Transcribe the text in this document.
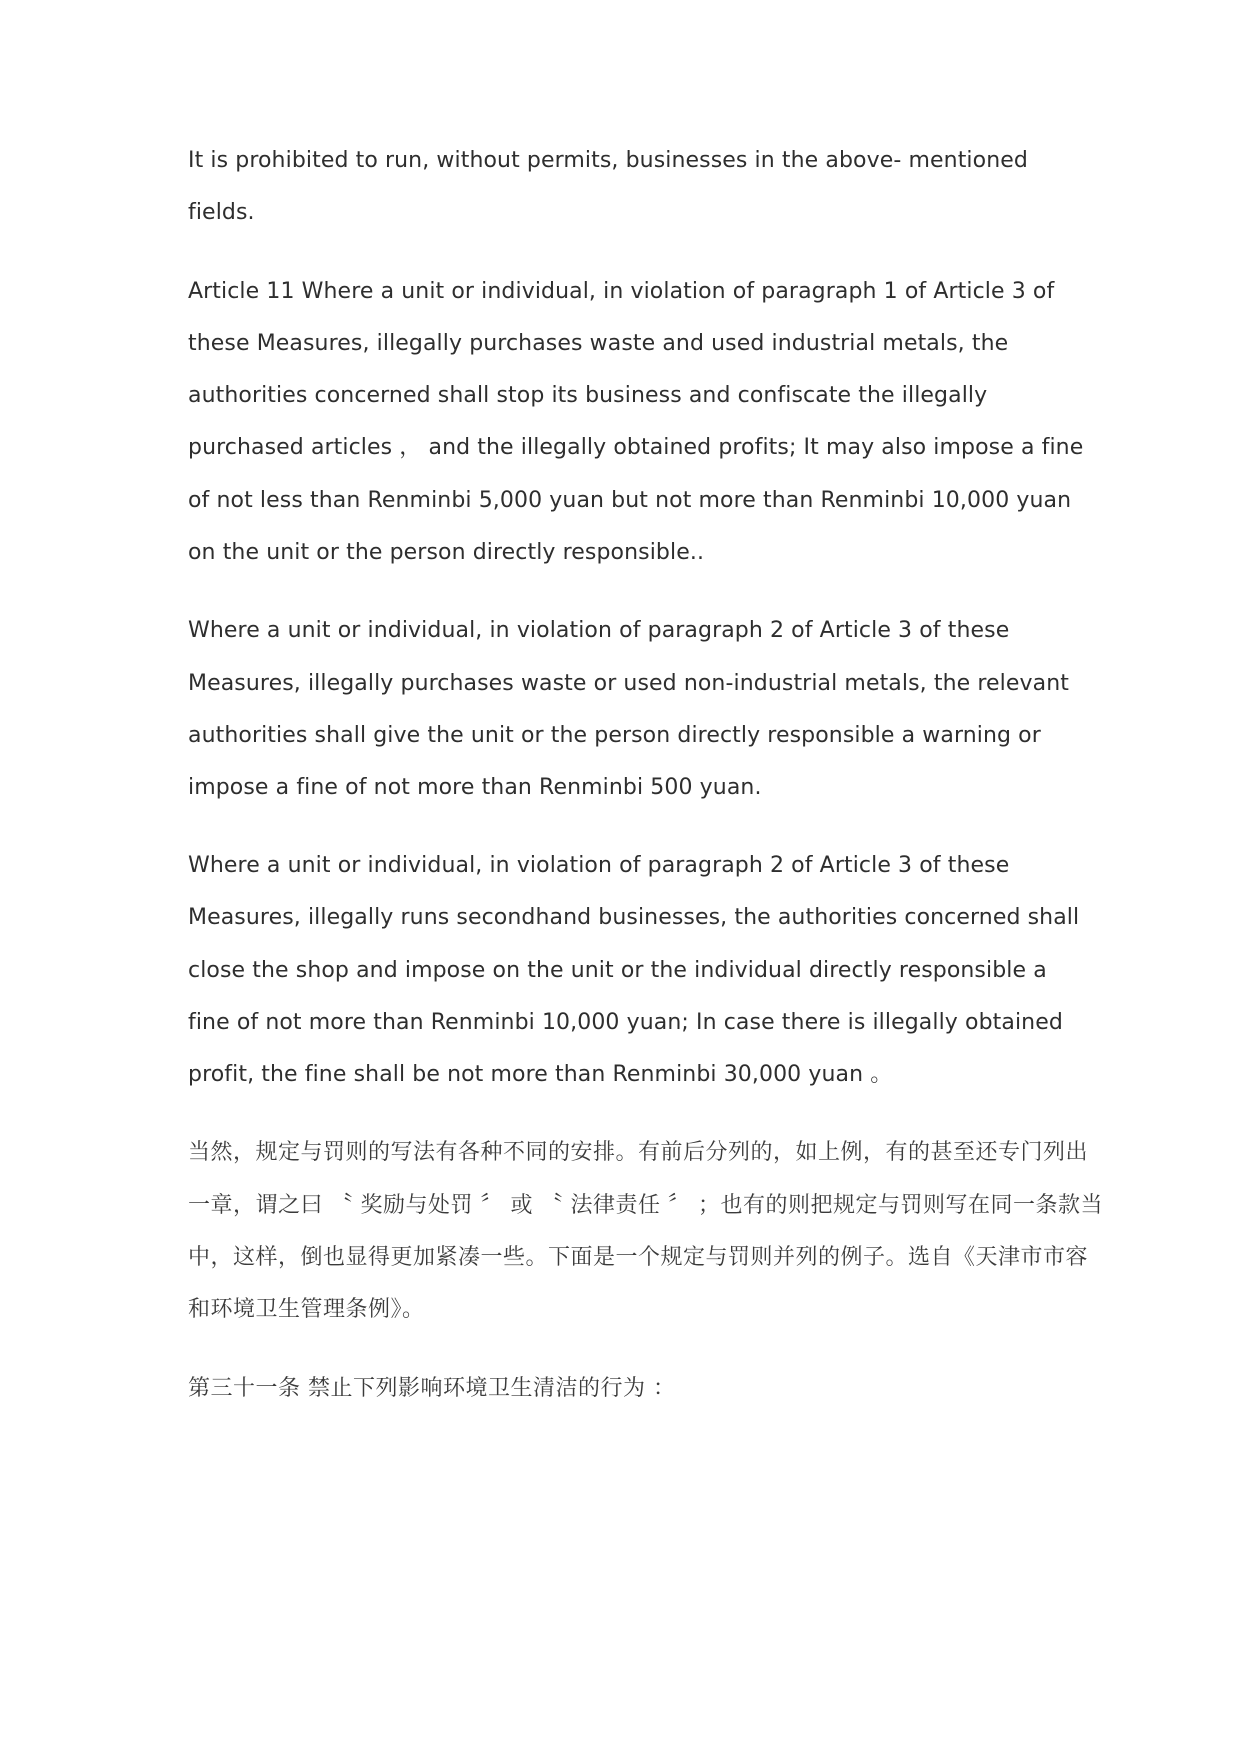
It is prohibited to run, without permits, businesses in the above- mentioned

fields.

Article 11 Where a unit or individual, in violation of paragraph 1 of Article 3 of

these Measures, illegally purchases waste and used industrial metals, the

authorities concerned shall stop its business and confiscate the illegally

purchased articles ， and the illegally obtained profits; It may also impose a fine

of not less than Renminbi 5,000 yuan but not more than Renminbi 10,000 yuan

on the unit or the person directly responsible..

Where a unit or individual, in violation of paragraph 2 of Article 3 of these

Measures, illegally purchases waste or used non-industrial metals, the relevant

authorities shall give the unit or the person directly responsible a warning or

impose a fine of not more than Renminbi 500 yuan.

Where a unit or individual, in violation of paragraph 2 of Article 3 of these

Measures, illegally runs secondhand businesses, the authorities concerned shall

close the shop and impose on the unit or the individual directly responsible a

fine of not more than Renminbi 10,000 yuan; In case there is illegally obtained

profit, the fine shall be not more than Renminbi 30,000 yuan 。

当然，规定与罚则的写法有各种不同的安排。有前后分列的，如上例，有的甚至还专门列出

一章，谓之曰 〝 奖励与处罚 〞 或 〝 法律责任 〞 ；也有的则把规定与罚则写在同一条款当

中，这样，倒也显得更加紧凑一些。下面是一个规定与罚则并列的例子。选自《天津市市容

和环境卫生管理条例》。

第三十一条 禁止下列影响环境卫生清洁的行为 ：
